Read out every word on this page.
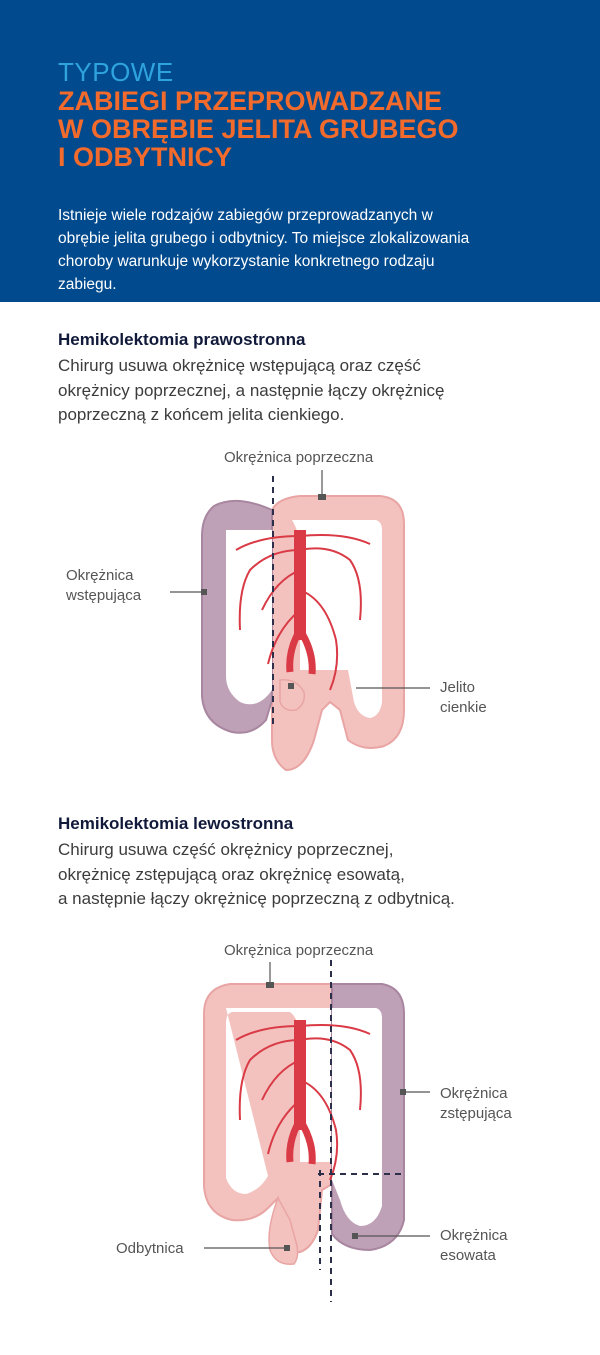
TYPOWE
ZABIEGI PRZEPROWADZANE
W OBRĘBIE JELITA GRUBEGO
I ODBYTNICY
Istnieje wiele rodzajów zabiegów przeprowadzanych w
obrębie jelita grubego i odbytnicy. To miejsce zlokalizowania
choroby warunkuje wykorzystanie konkretnego rodzaju
zabiegu.
Hemikolektomia prawostronna
Chirurg usuwa okrężnicę wstępującą oraz część
okrężnicy poprzecznej, a następnie łączy okrężnicę
poprzeczną z końcem jelita cienkiego.
Okrężnica poprzeczna
Okrężnica
wstępująca
Jelito
cienkie
Hemikolektomia lewostronna
Chirurg usuwa część okrężnicy poprzecznej,
okrężnicę zstępującą oraz okrężnicę esowatą,
a następnie łączy okrężnicę poprzeczną z odbytnicą.
Okrężnica poprzeczna
Okrężnica
zstępująca
Odbytnica
Okrężnica
esowata
